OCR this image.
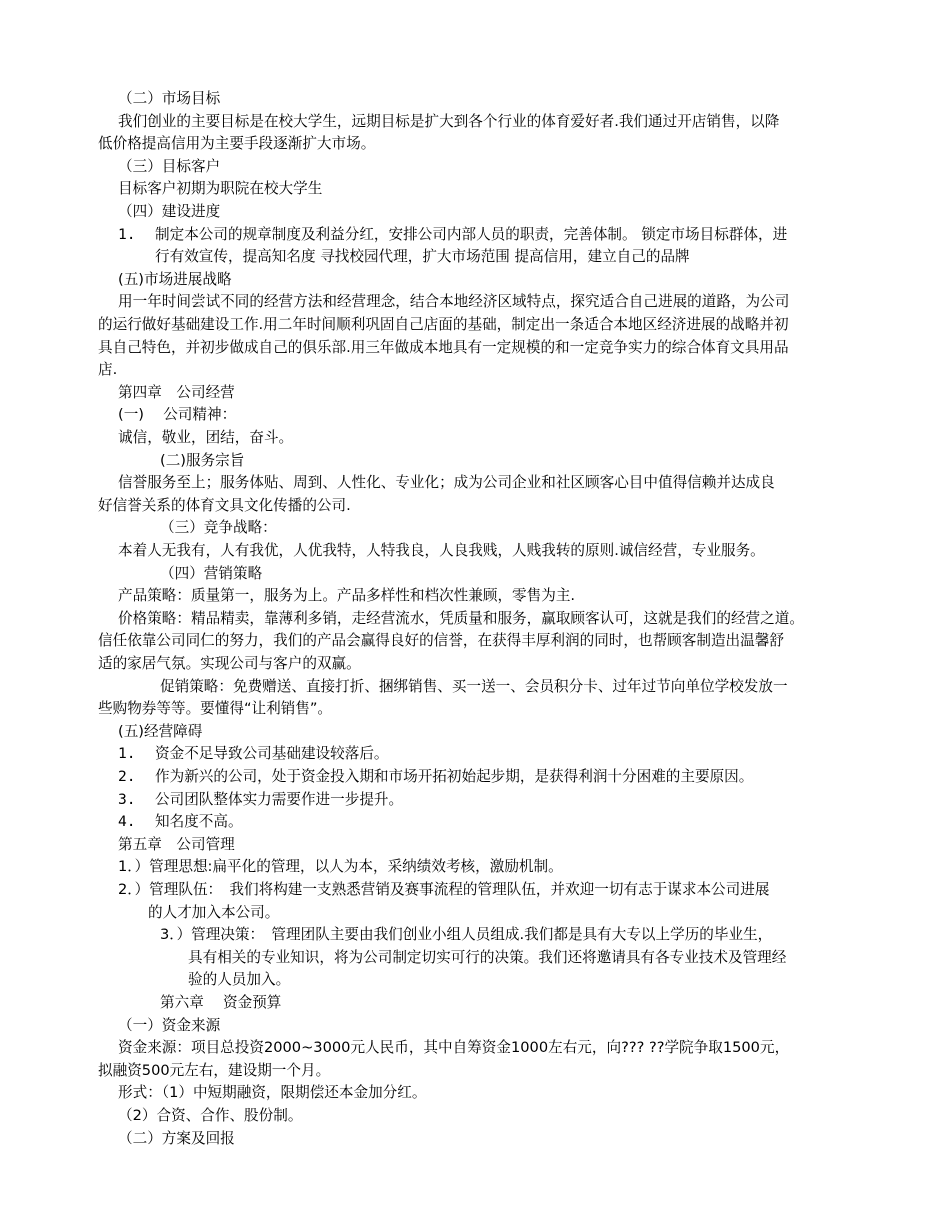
（二）市场目标
我们创业的主要目标是在校大学生，远期目标是扩大到各个行业的体育爱好者.我们通过开店销售，以降
低价格提高信用为主要手段逐渐扩大市场。
（三）目标客户
目标客户初期为职院在校大学生
（四）建设进度
1. 制定本公司的规章制度及利益分红，安排公司内部人员的职责，完善体制。 锁定市场目标群体，进
行有效宣传，提高知名度 寻找校园代理，扩大市场范围 提高信用，建立自己的品牌
(五)市场进展战略
用一年时间尝试不同的经营方法和经营理念，结合本地经济区域特点，探究适合自己进展的道路，为公司
的运行做好基础建设工作.用二年时间顺利巩固自己店面的基础，制定出一条适合本地区经济进展的战略并初
具自己特色，并初步做成自己的俱乐部.用三年做成本地具有一定规模的和一定竞争实力的综合体育文具用品
店.
第四章　公司经营
(一)　 公司精神：
诚信，敬业，团结，奋斗。
(二)服务宗旨
信誉服务至上；服务体贴、周到、人性化、专业化；成为公司企业和社区顾客心目中值得信赖并达成良
好信誉关系的体育文具文化传播的公司.
（三）竞争战略：
本着人无我有，人有我优，人优我特，人特我良，人良我贱，人贱我转的原则.诚信经营，专业服务。
（四）营销策略
产品策略：质量第一，服务为上。产品多样性和档次性兼顾，零售为主.
价格策略：精品精卖，靠薄利多销，走经营流水，凭质量和服务，赢取顾客认可，这就是我们的经营之道。
信任依靠公司同仁的努力，我们的产品会赢得良好的信誉，在获得丰厚利润的同时，也帮顾客制造出温馨舒
适的家居气氛。实现公司与客户的双赢。
促销策略：免费赠送、直接打折、捆绑销售、买一送一、会员积分卡、过年过节向单位学校发放一
些购物券等等。要懂得“让利销售”。
(五)经营障碍
1. 资金不足导致公司基础建设较落后。
2. 作为新兴的公司，处于资金投入期和市场开拓初始起步期，是获得利润十分困难的主要原因。
3. 公司团队整体实力需要作进一步提升。
4. 知名度不高。
第五章　公司管理
1．）管理思想:扁平化的管理，以人为本，采纳绩效考核，激励机制。
2．）管理队伍：　我们将构建一支熟悉营销及赛事流程的管理队伍，并欢迎一切有志于谋求本公司进展
的人才加入本公司。
3．）管理决策：　管理团队主要由我们创业小组人员组成.我们都是具有大专以上学历的毕业生，
具有相关的专业知识，将为公司制定切实可行的决策。我们还将邀请具有各专业技术及管理经
验的人员加入。
第六章　 资金预算
（一）资金来源
资金来源：项目总投资2000~3000元人民币，其中自筹资金1000左右元，向??? ??学院争取1500元，
拟融资500元左右，建设期一个月。
形式：（1）中短期融资，限期偿还本金加分红。
（2）合资、合作、股份制。
（二）方案及回报
